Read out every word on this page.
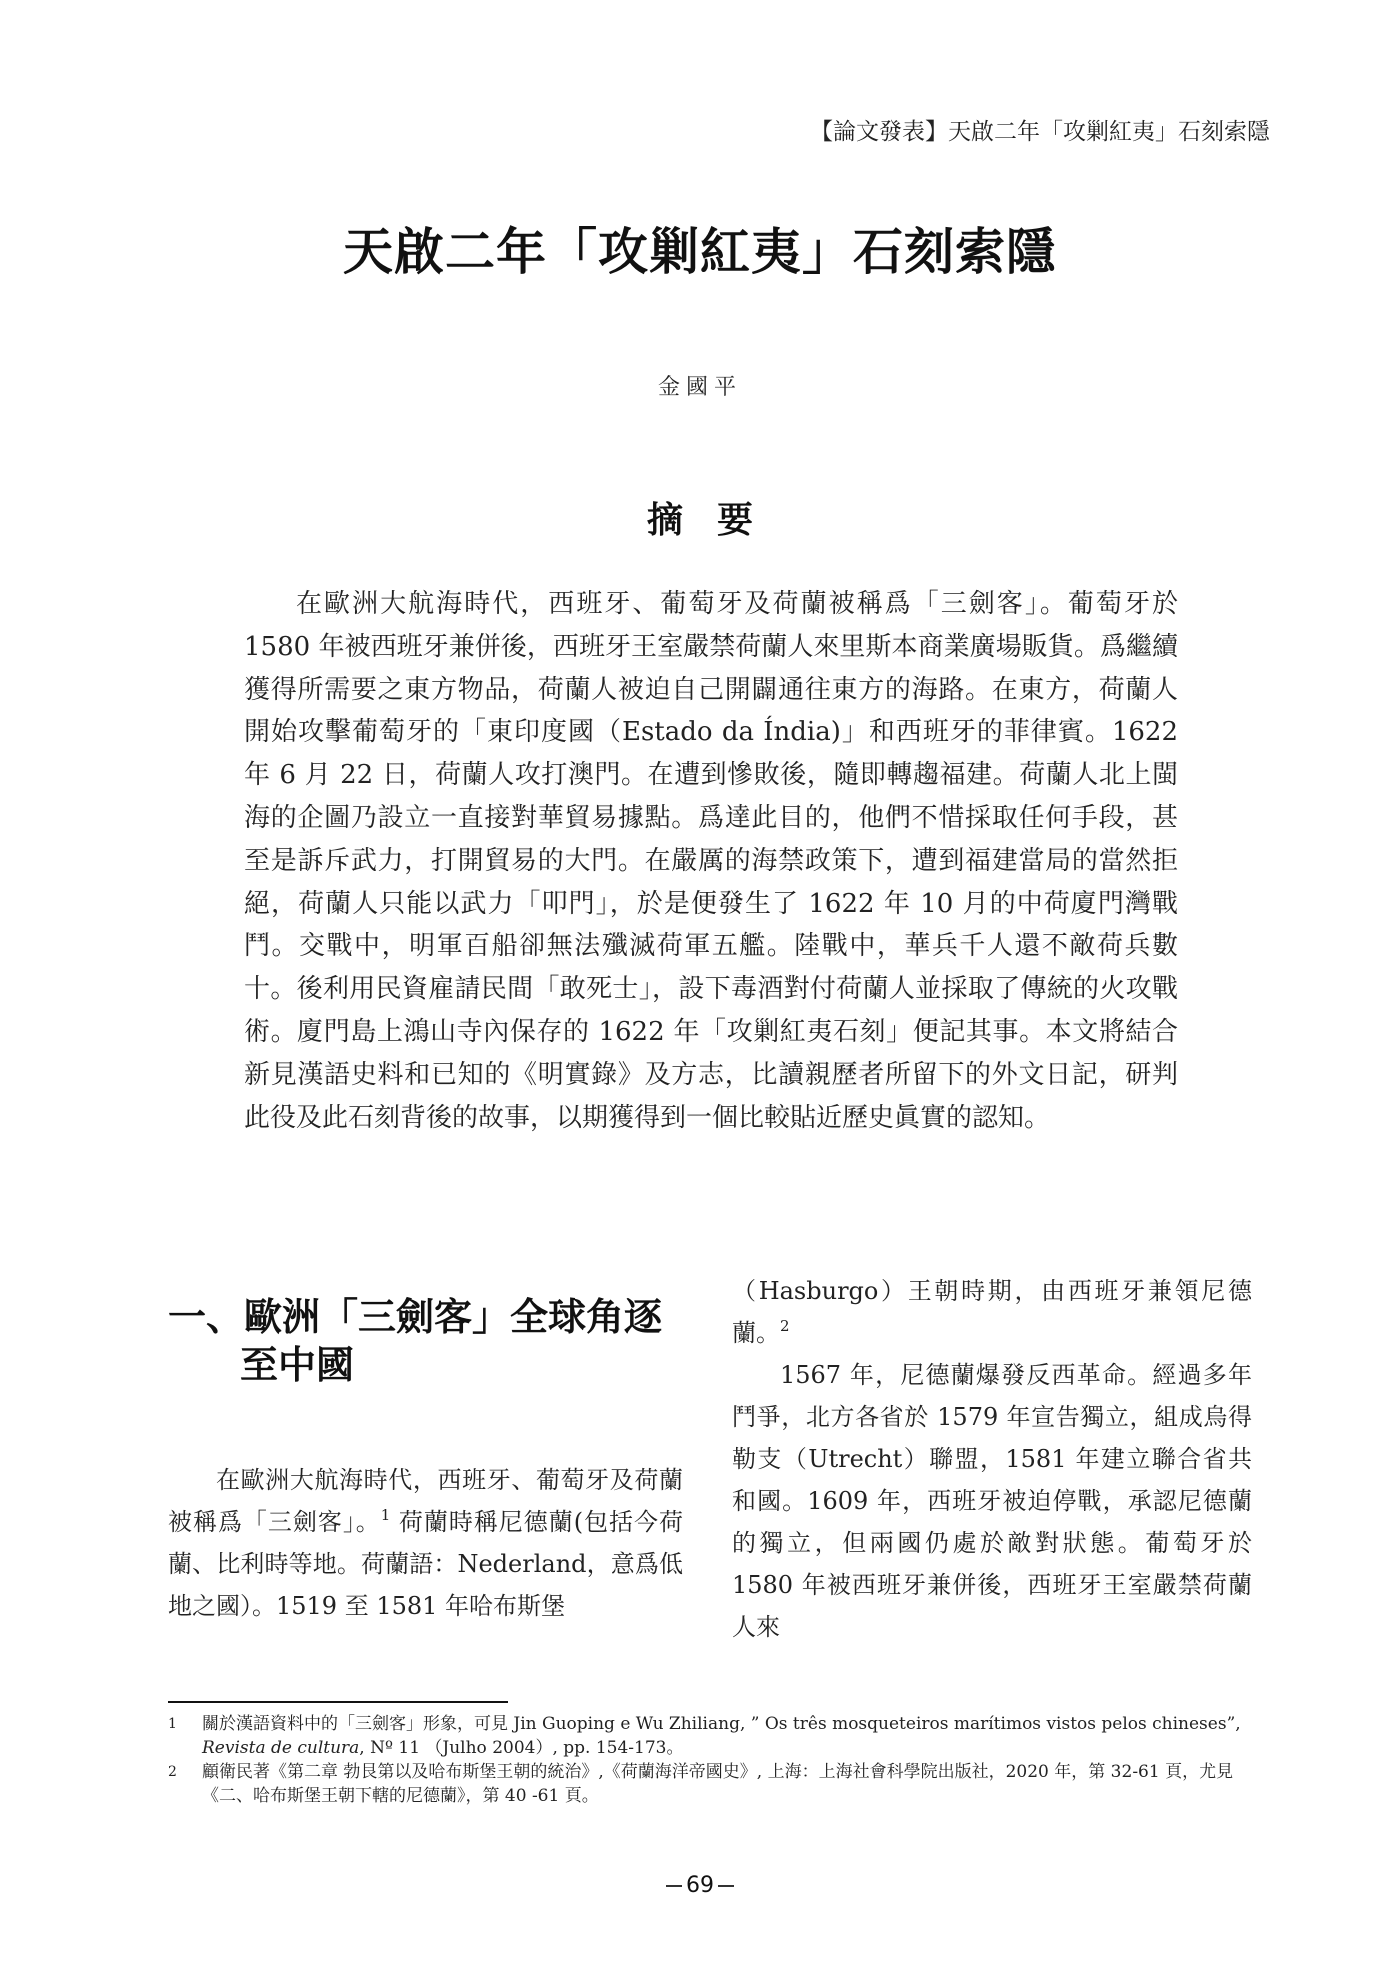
【論文發表】天啟二年「攻剿紅夷」石刻索隱
天啟二年「攻剿紅夷」石刻索隱
金國平
摘要

在歐洲大航海時代，西班牙、葡萄牙及荷蘭被稱爲「三劍客」。葡萄牙於 1580 年被西班牙兼併後，西班牙王室嚴禁荷蘭人來里斯本商業廣場販貨。爲繼續獲得所需要之東方物品，荷蘭人被迫自己開闢通往東方的海路。在東方，荷蘭人開始攻擊葡萄牙的「東印度國（Estado da Índia)」和西班牙的菲律賓。1622 年 6 月 22 日，荷蘭人攻打澳門。在遭到慘敗後，隨即轉趨福建。荷蘭人北上閩海的企圖乃設立一直接對華貿易據點。爲達此目的，他們不惜採取任何手段，甚至是訴斥武力，打開貿易的大門。在嚴厲的海禁政策下，遭到福建當局的當然拒絕，荷蘭人只能以武力「叩門」，於是便發生了 1622 年 10 月的中荷廈門灣戰鬥。交戰中，明軍百船卻無法殲滅荷軍五艦。陸戰中，華兵千人還不敵荷兵數十。後利用民資雇請民間「敢死士」，設下毒酒對付荷蘭人並採取了傳統的火攻戰術。廈門島上鴻山寺內保存的 1622 年「攻剿紅夷石刻」便記其事。本文將結合新見漢語史料和已知的《明實錄》及方志，比讀親歷者所留下的外文日記，研判此役及此石刻背後的故事，以期獲得到一個比較貼近歷史眞實的認知。

一、歐洲「三劍客」全球角逐至中國

在歐洲大航海時代，西班牙、葡萄牙及荷蘭被稱爲「三劍客」。$^1$ 荷蘭時稱尼德蘭(包括今荷蘭、比利時等地。荷蘭語：Nederland，意爲低地之國）。1519 至 1581 年哈布斯堡

（Hasburgo）王朝時期，由西班牙兼領尼德蘭。$^2$

1567 年，尼德蘭爆發反西革命。經過多年鬥爭，北方各省於 1579 年宣告獨立，組成烏得勒支（Utrecht）聯盟，1581 年建立聯合省共和國。1609 年，西班牙被迫停戰，承認尼德蘭的獨立，但兩國仍處於敵對狀態。葡萄牙於 1580 年被西班牙兼併後，西班牙王室嚴禁荷蘭人來

1	關於漢語資料中的「三劍客」形象，可見 Jin Guoping e Wu Zhiliang, ” Os três mosqueteiros marítimos vistos pelos chineses”, Revista de cultura, Nº 11 （Julho 2004）, pp. 154-173。
2	顧衛民著《第二章 勃艮第以及哈布斯堡王朝的統治》,《荷蘭海洋帝國史》, 上海：上海社會科學院出版社，2020 年，第 32-61 頁，尤見《二、哈布斯堡王朝下轄的尼德蘭》，第 40 -61 頁。
69
